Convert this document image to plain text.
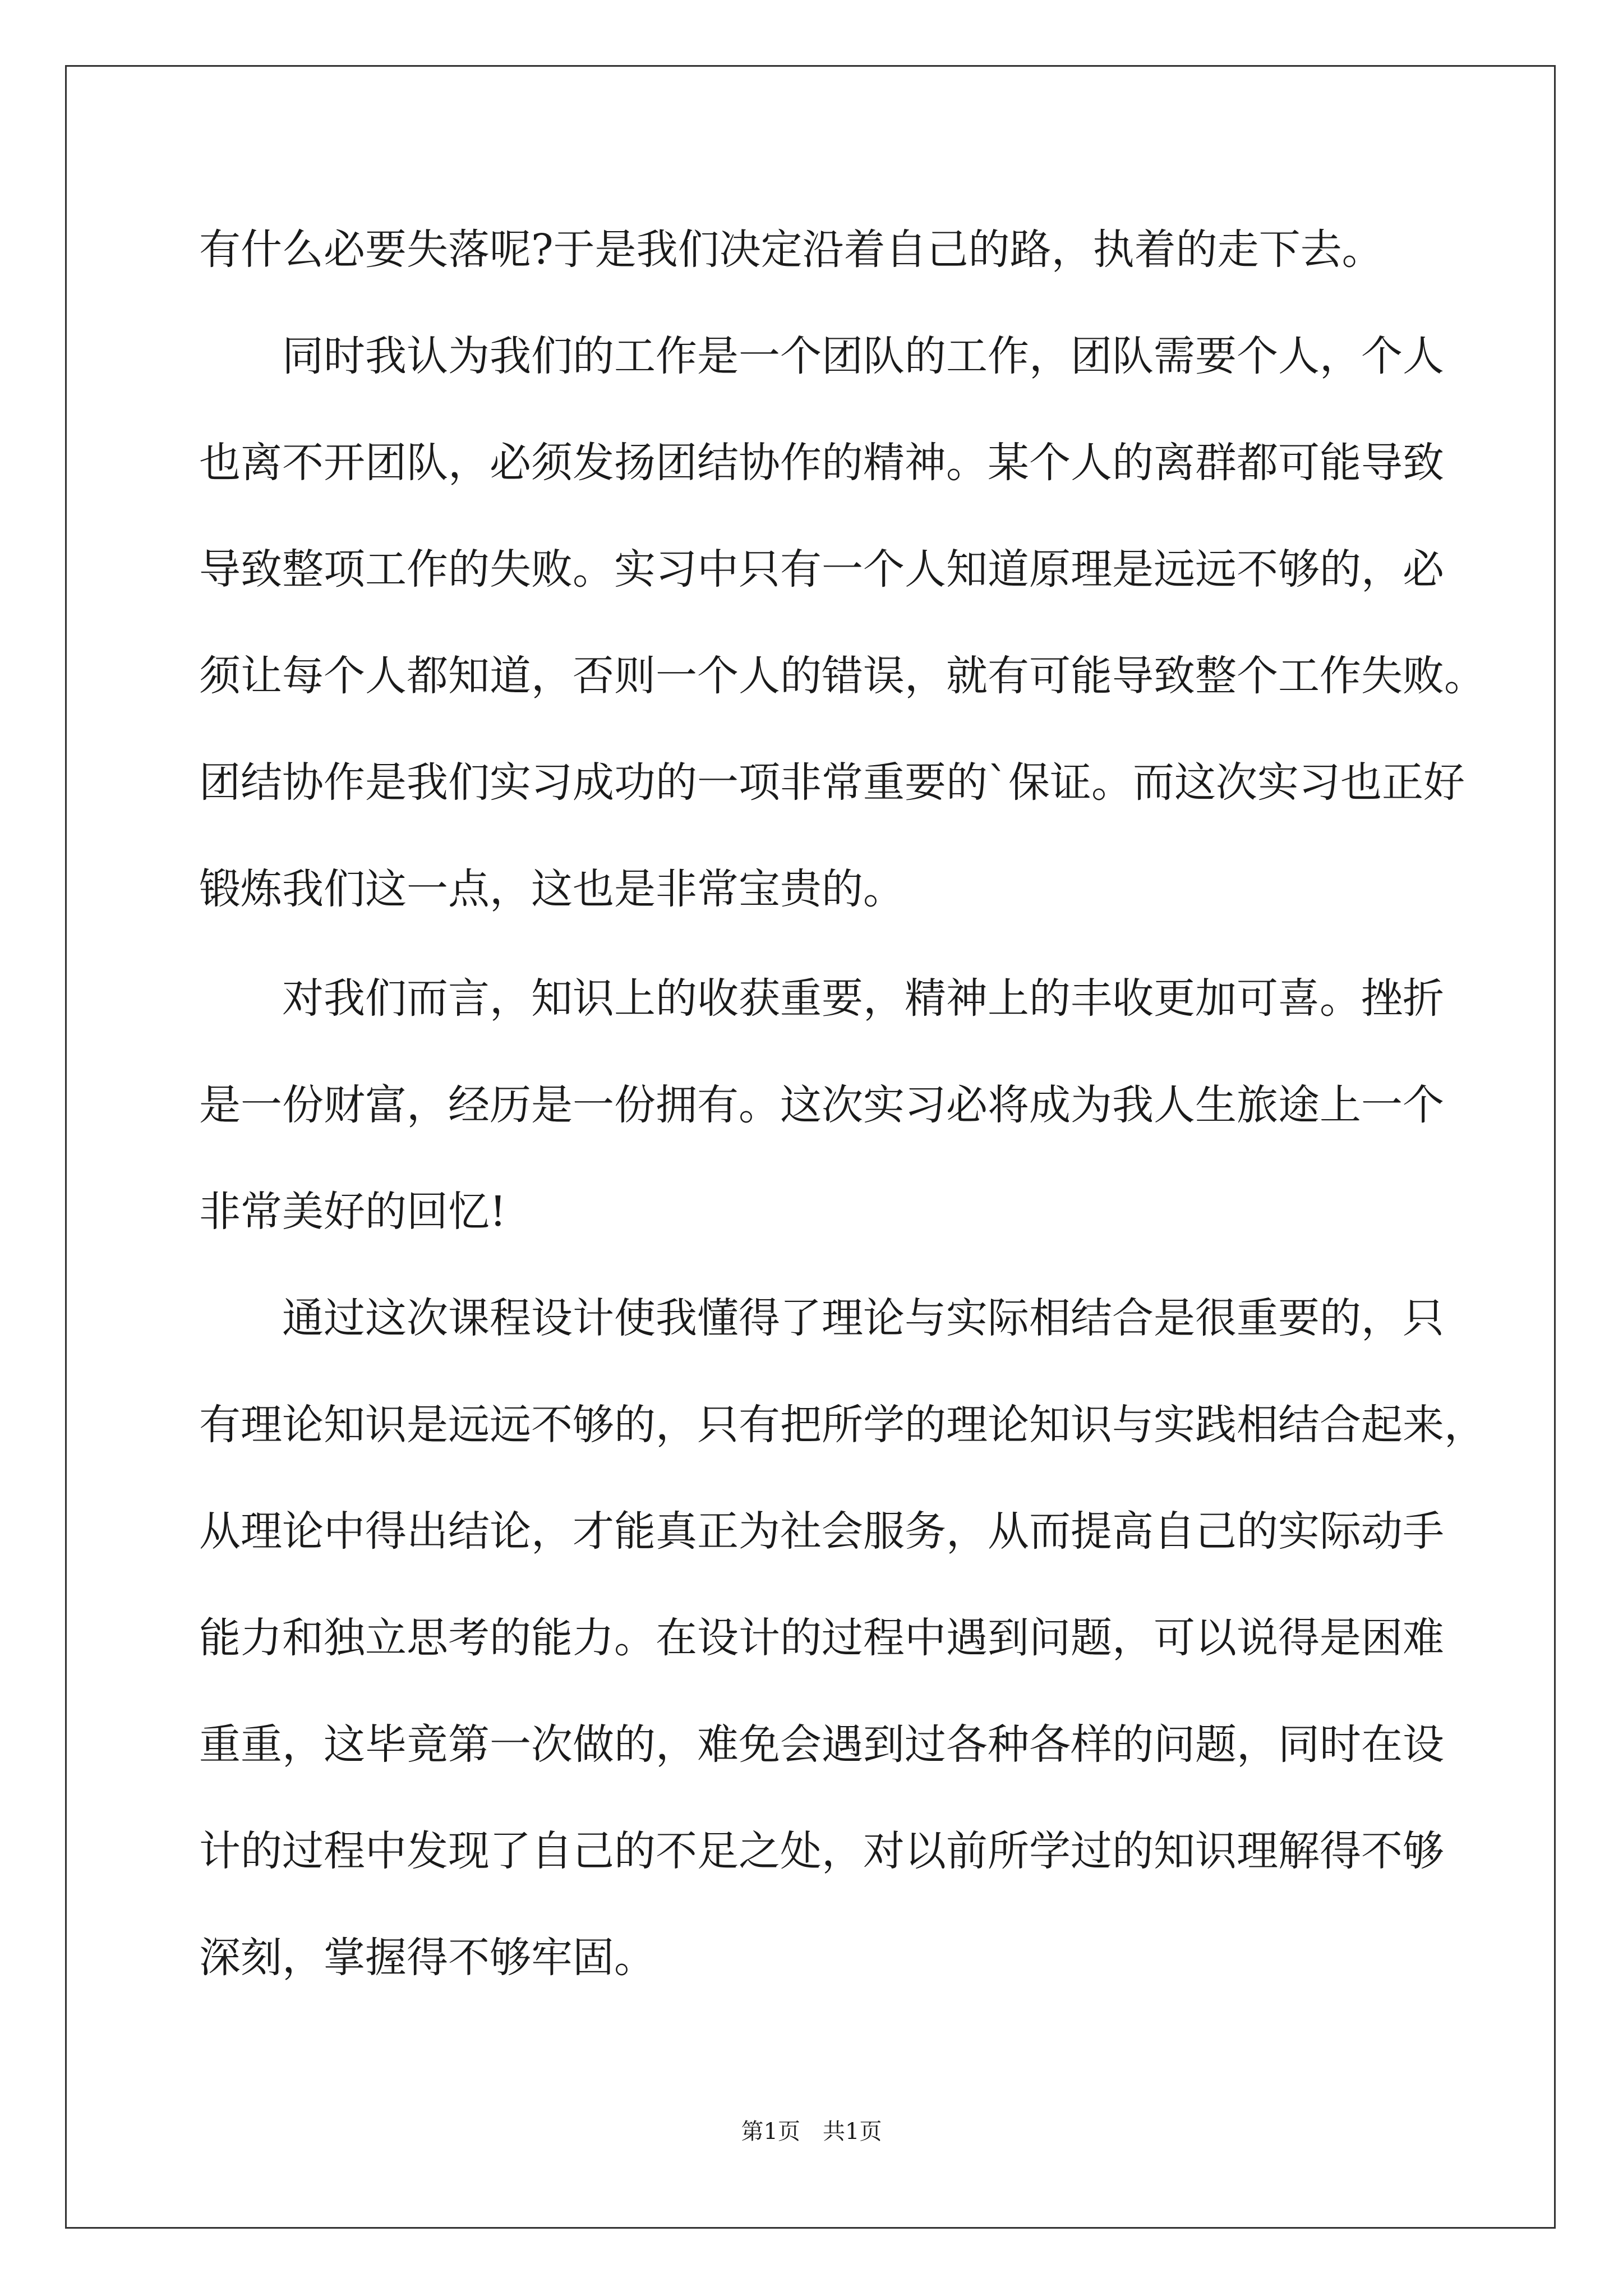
有什么必要失落呢?于是我们决定沿着自己的路，执着的走下去。
同时我认为我们的工作是一个团队的工作，团队需要个人，个人
也离不开团队，必须发扬团结协作的精神。某个人的离群都可能导致
导致整项工作的失败。实习中只有一个人知道原理是远远不够的，必
须让每个人都知道，否则一个人的错误，就有可能导致整个工作失败。
团结协作是我们实习成功的一项非常重要的`保证。而这次实习也正好
锻炼我们这一点，这也是非常宝贵的。
对我们而言，知识上的收获重要，精神上的丰收更加可喜。挫折
是一份财富，经历是一份拥有。这次实习必将成为我人生旅途上一个
非常美好的回忆!
通过这次课程设计使我懂得了理论与实际相结合是很重要的，只
有理论知识是远远不够的，只有把所学的理论知识与实践相结合起来，
从理论中得出结论，才能真正为社会服务，从而提高自己的实际动手
能力和独立思考的能力。在设计的过程中遇到问题，可以说得是困难
重重，这毕竟第一次做的，难免会遇到过各种各样的问题，同时在设
计的过程中发现了自己的不足之处，对以前所学过的知识理解得不够
深刻，掌握得不够牢固。
第1页　共1页
